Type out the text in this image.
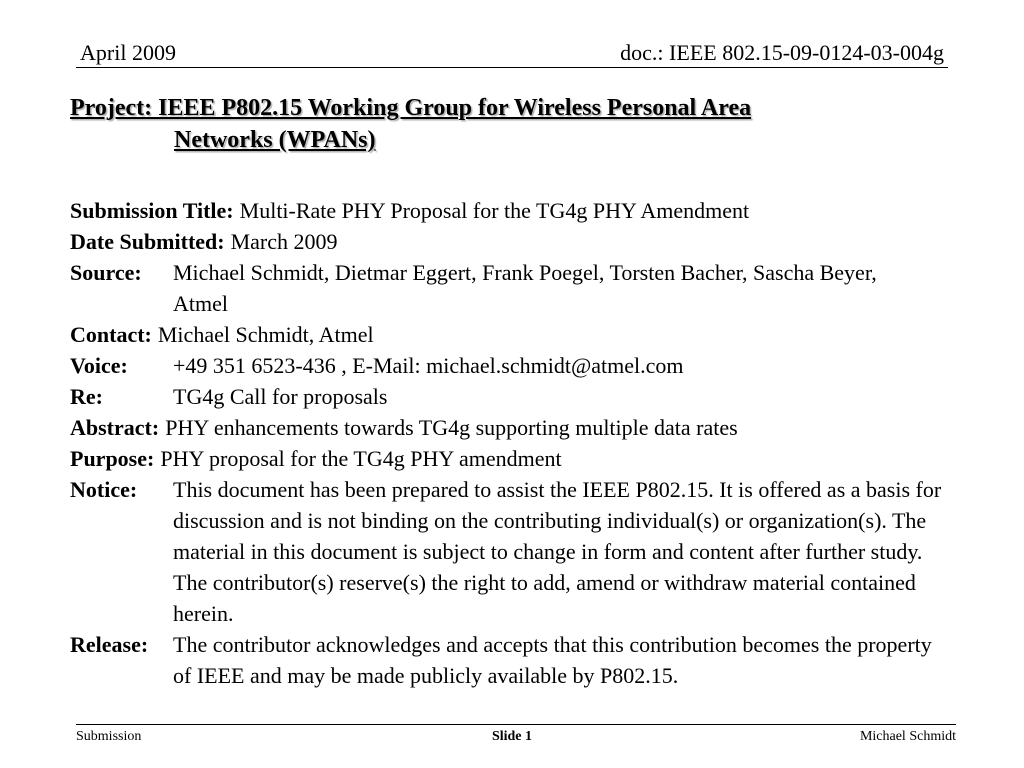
April 2009	doc.: IEEE 802.15-09-0124-03-004g
Project: IEEE P802.15 Working Group for Wireless Personal Area
Networks (WPANs)
Submission Title: Multi-Rate PHY Proposal for the TG4g PHY Amendment
Date Submitted: March 2009
Source:	Michael Schmidt, Dietmar Eggert, Frank Poegel, Torsten Bacher, Sascha Beyer, Atmel
Contact: Michael Schmidt, Atmel
Voice:	+49 351 6523-436 , E-Mail: michael.schmidt@atmel.com
Re:	TG4g Call for proposals
Abstract: PHY enhancements towards TG4g supporting multiple data rates
Purpose: PHY proposal for the TG4g PHY amendment
Notice:	This document has been prepared to assist the IEEE P802.15. It is offered as a basis for discussion and is not binding on the contributing individual(s) or organization(s). The material in this document is subject to change in form and content after further study. The contributor(s) reserve(s) the right to add, amend or withdraw material contained herein.
Release:	The contributor acknowledges and accepts that this contribution becomes the property of IEEE and may be made publicly available by P802.15.
Submission	Slide 1	Michael Schmidt
